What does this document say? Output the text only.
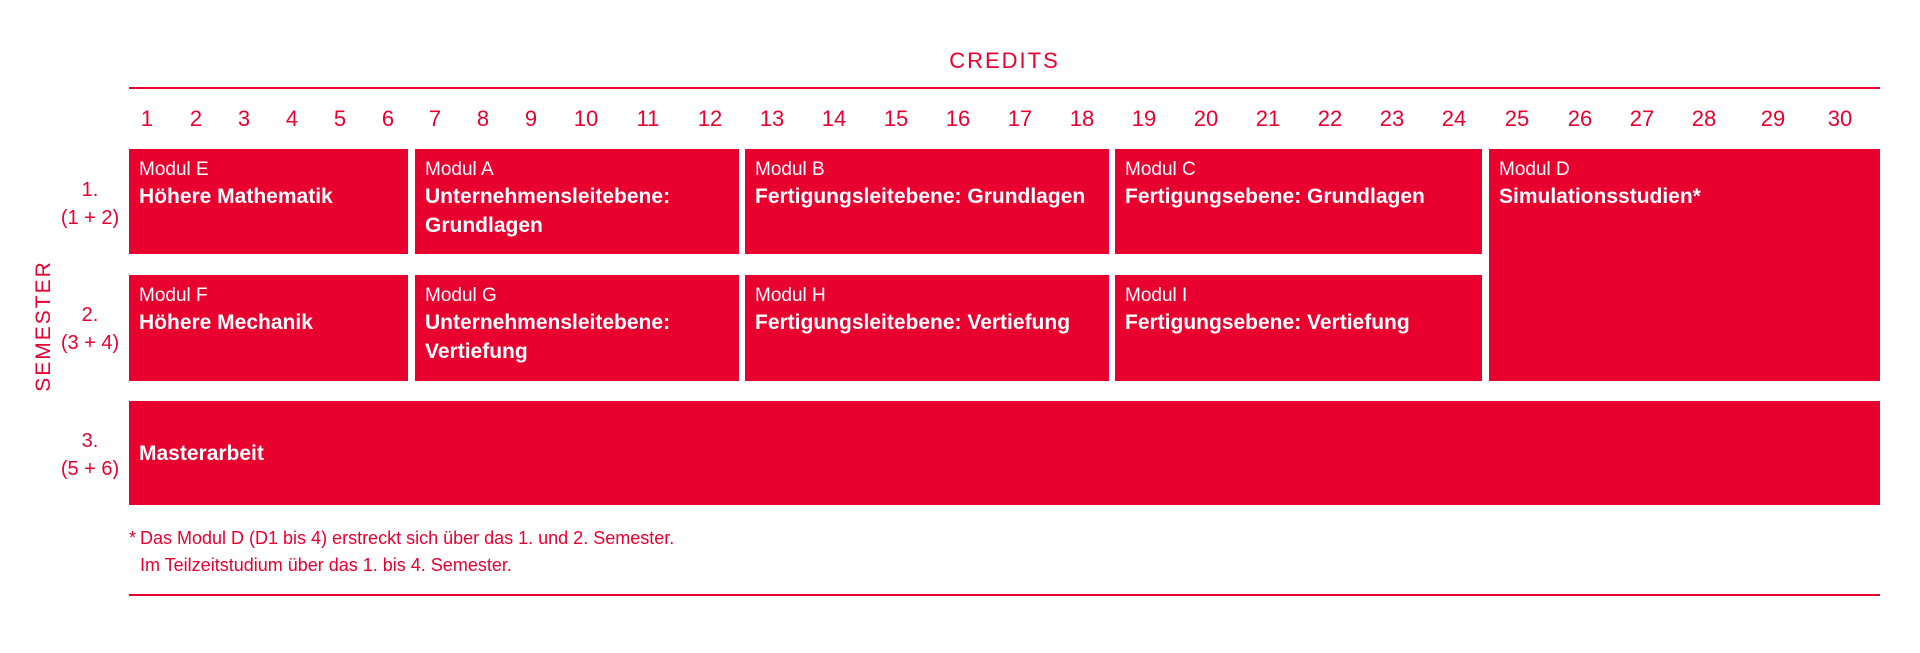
CREDITS
1 2 3 4 5 6 7 8 9 10 11 12 13 14 15 16 17 18 19 20 21 22 23 24 25 26 27 28 29 30
SEMESTER
1.
(1 + 2)
2.
(3 + 4)
3.
(5 + 6)
Modul E
Höhere Mathematik
Modul A
Unternehmensleitebene: Grundlagen
Modul B
Fertigungsleitebene: Grundlagen
Modul C
Fertigungsebene: Grundlagen
Modul D
Simulationsstudien*
Modul F
Höhere Mechanik
Modul G
Unternehmensleitebene: Vertiefung
Modul H
Fertigungsleitebene: Vertiefung
Modul I
Fertigungsebene: Vertiefung
Masterarbeit
* Das Modul D (D1 bis 4) erstreckt sich über das 1. und 2. Semester.
Im Teilzeitstudium über das 1. bis 4. Semester.
